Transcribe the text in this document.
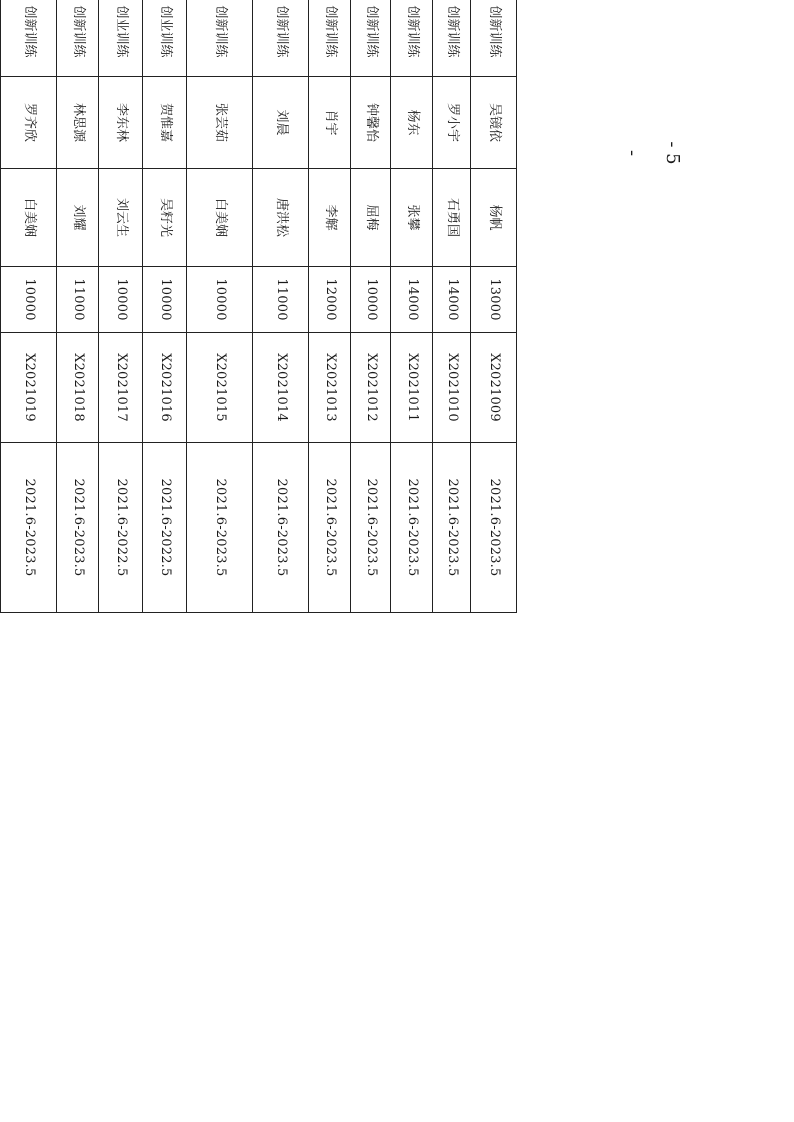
			创新训练	吴镜依	杨帆	13000	X2021009	2021.6-2023.5
			创新训练	罗小宇	石勇国	14000	X2021010	2021.6-2023.5
			创新训练	杨东	张攀	14000	X2021011	2021.6-2023.5
			创新训练	钟馨怡	屈梅	10000	X2021012	2021.6-2023.5
			创新训练	肖宇	李解	12000	X2021013	2021.6-2023.5
			创新训练	刘晨	唐洪松	11000	X2021014	2021.6-2023.5
			创新训练	张芸茹	白美娴	10000	X2021015	2021.6-2023.5
			创业训练	贺惟嘉	吴籽光	10000	X2021016	2021.6-2022.5
			创业训练	李东林	刘云生	10000	X2021017	2021.6-2022.5
			创新训练	林思源	刘耀	11000	X2021018	2021.6-2023.5
			创新训练	罗齐欣	白美娴	10000	X2021019	2021.6-2023.5
- 5 -
